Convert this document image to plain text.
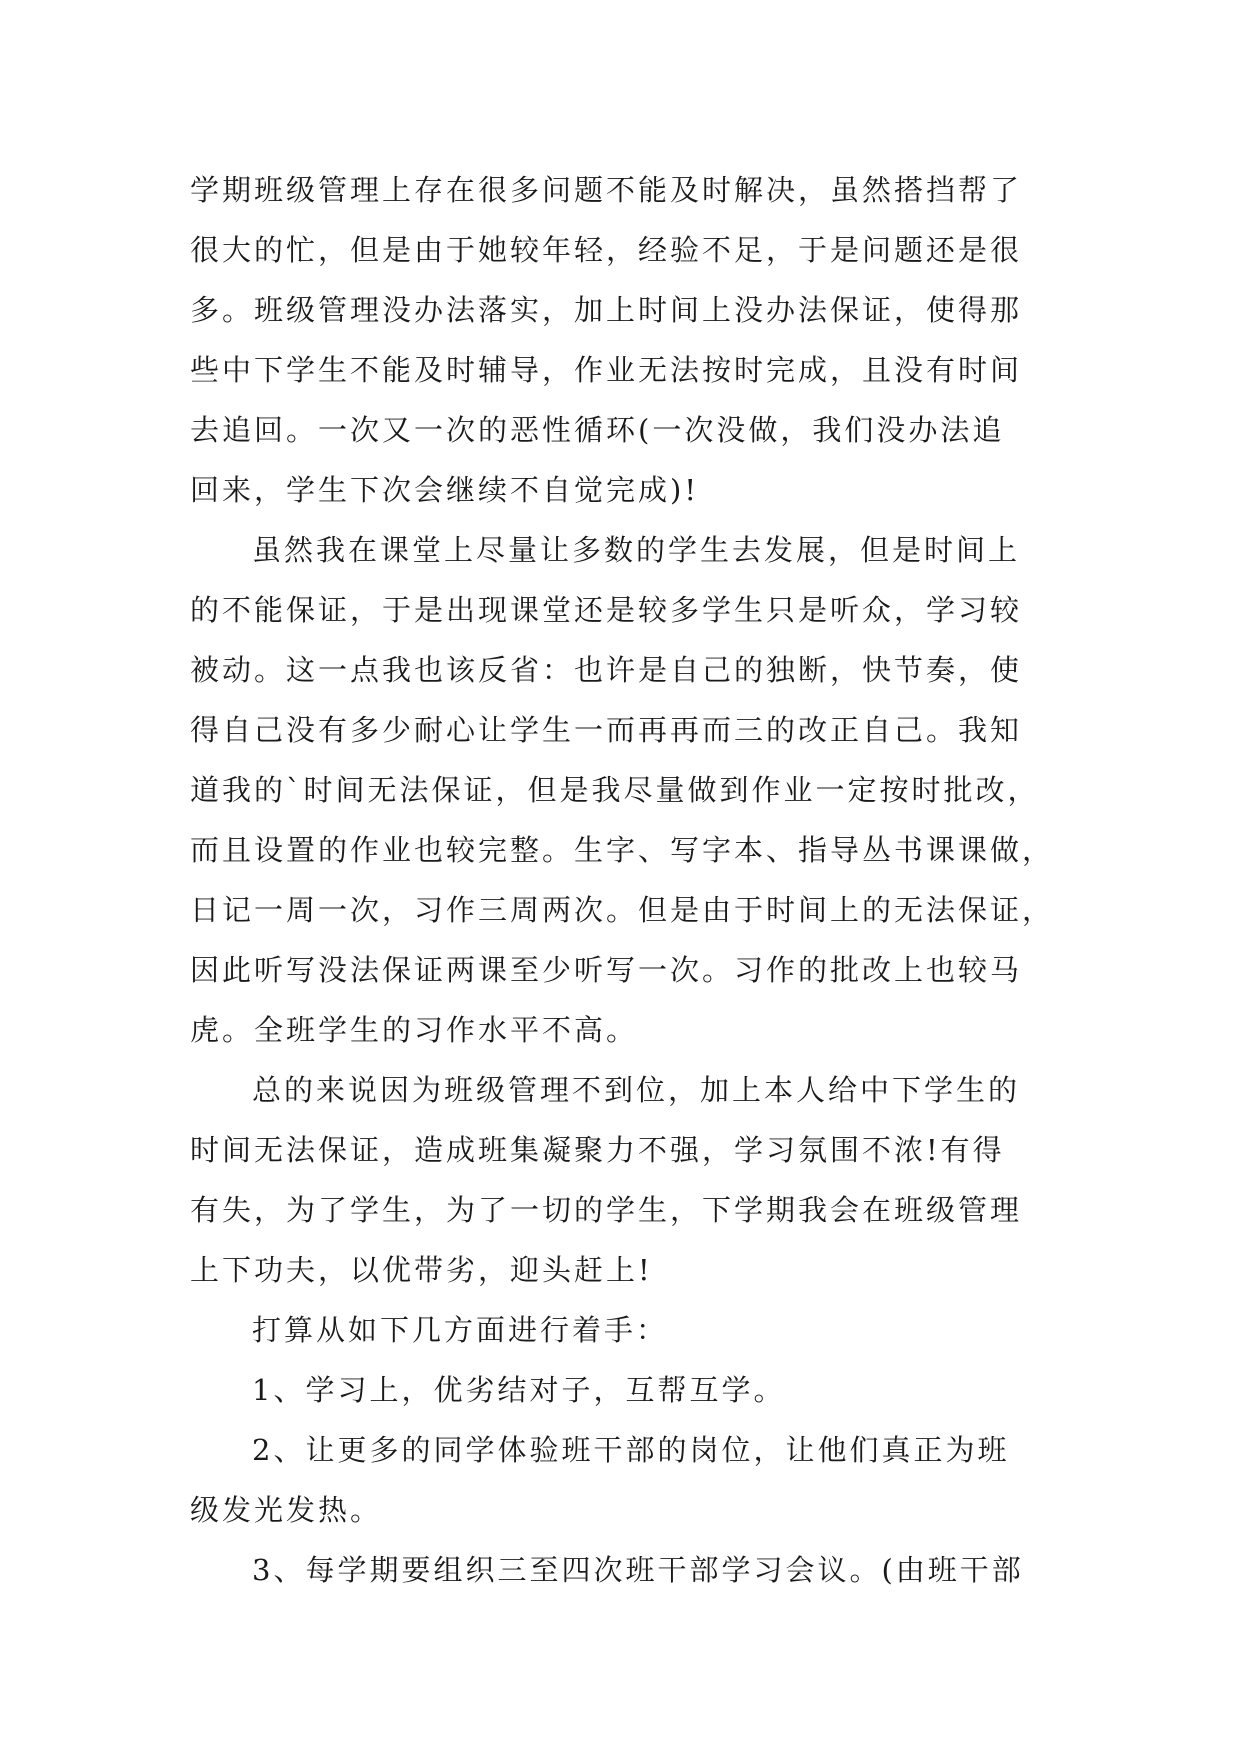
学期班级管理上存在很多问题不能及时解决，虽然搭挡帮了
很大的忙，但是由于她较年轻，经验不足，于是问题还是很
多。班级管理没办法落实，加上时间上没办法保证，使得那
些中下学生不能及时辅导，作业无法按时完成，且没有时间
去追回。一次又一次的恶性循环(一次没做，我们没办法追
回来，学生下次会继续不自觉完成)!
虽然我在课堂上尽量让多数的学生去发展，但是时间上
的不能保证，于是出现课堂还是较多学生只是听众，学习较
被动。这一点我也该反省：也许是自己的独断，快节奏，使
得自己没有多少耐心让学生一而再再而三的改正自己。我知
道我的`时间无法保证，但是我尽量做到作业一定按时批改，
而且设置的作业也较完整。生字、写字本、指导丛书课课做，
日记一周一次，习作三周两次。但是由于时间上的无法保证，
因此听写没法保证两课至少听写一次。习作的批改上也较马
虎。全班学生的习作水平不高。
总的来说因为班级管理不到位，加上本人给中下学生的
时间无法保证，造成班集凝聚力不强，学习氛围不浓!有得
有失，为了学生，为了一切的学生，下学期我会在班级管理
上下功夫，以优带劣，迎头赶上!
打算从如下几方面进行着手：
1、学习上，优劣结对子，互帮互学。
2、让更多的同学体验班干部的岗位，让他们真正为班
级发光发热。
3、每学期要组织三至四次班干部学习会议。(由班干部
